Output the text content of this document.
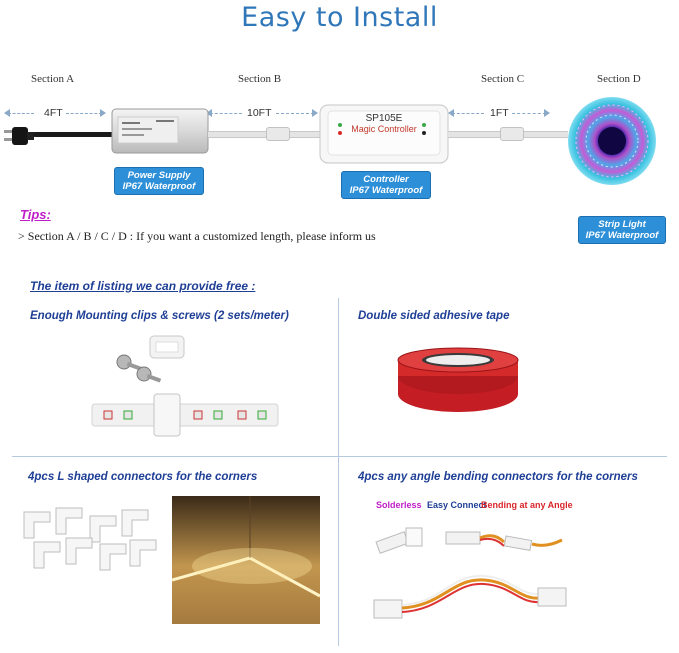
Easy to Install
Section A	Section B	Section C	Section D
4FT	10FT	1FT
SP105E
Magic Controller
Power Supply
IP67 Waterproof
Controller
IP67 Waterproof
Strip Light
IP67 Waterproof
Tips:
> Section A / B / C / D : If you want a customized length, please inform us
The item of listing we can provide free :
Enough Mounting clips & screws (2 sets/meter)	Double sided adhesive tape
4pcs L shaped connectors for the corners	4pcs any angle bending connectors for the corners
Solderless Easy Connect
Bending at any Angle
